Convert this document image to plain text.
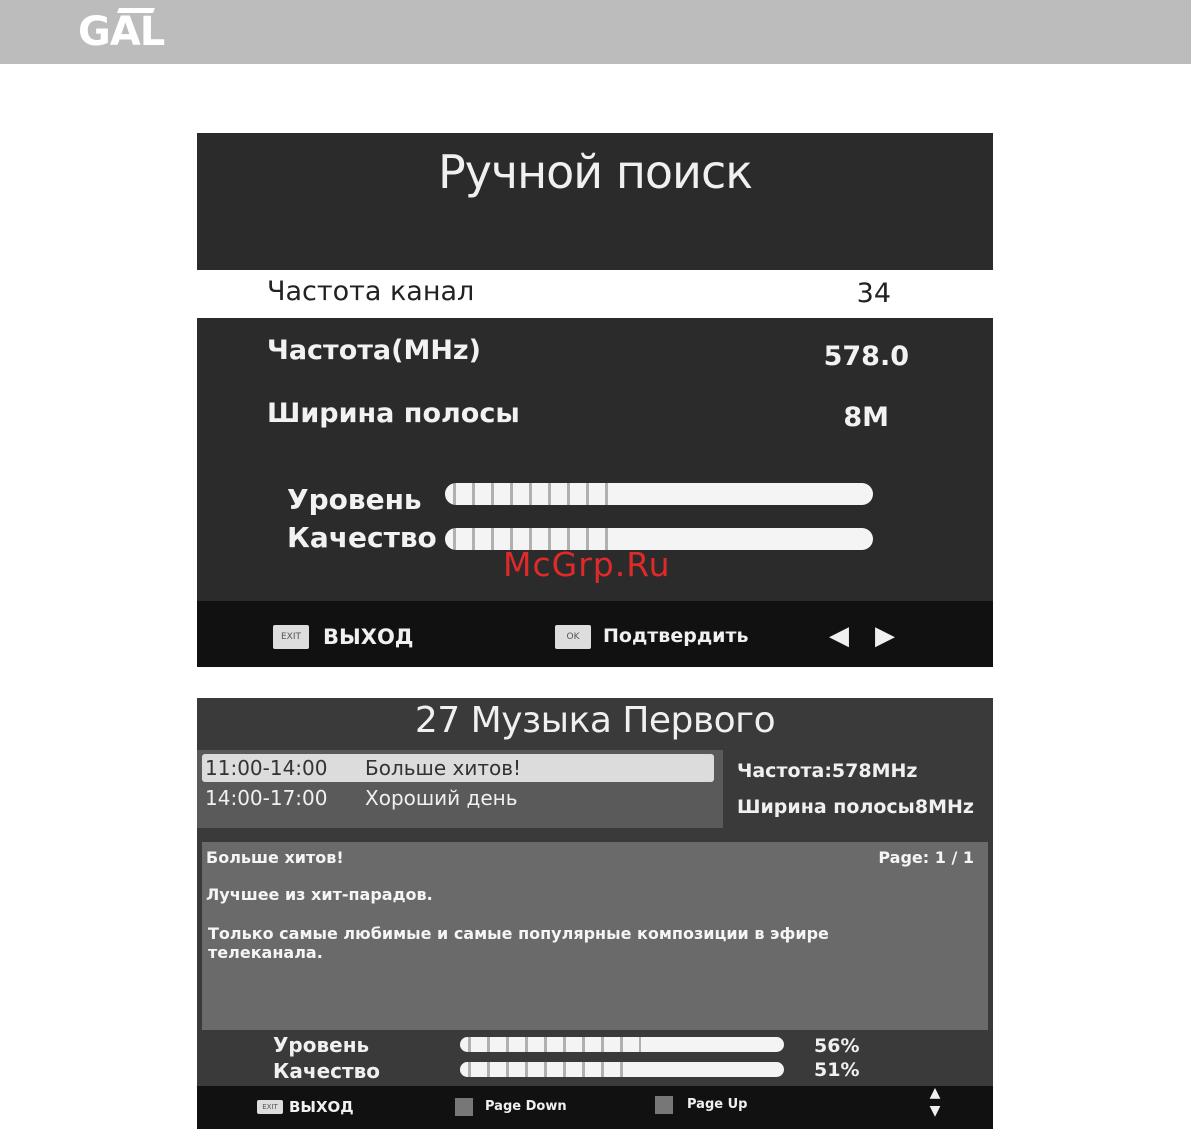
GAL
Ручной поиск
Частота канал	34
Частота(MHz)	578.0
Ширина полосы	8M
Уровень
Качество
EXIT	ВЫХОД	OK	Подтвердить	◀ ▶
McGrp.Ru
27 Музыка Первого
11:00-14:00 Больше хитов!
14:00-17:00 Хороший день
Частота:578MHz
Ширина полосы8MHz
Больше хитов!	Page: 1 / 1
Лучшее из хит-парадов.
Только самые любимые и самые популярные композиции в эфире телеканала.
Уровень	56%
Качество	51%
EXIT ВЫХОД	Page Down	Page Up
▲▼
